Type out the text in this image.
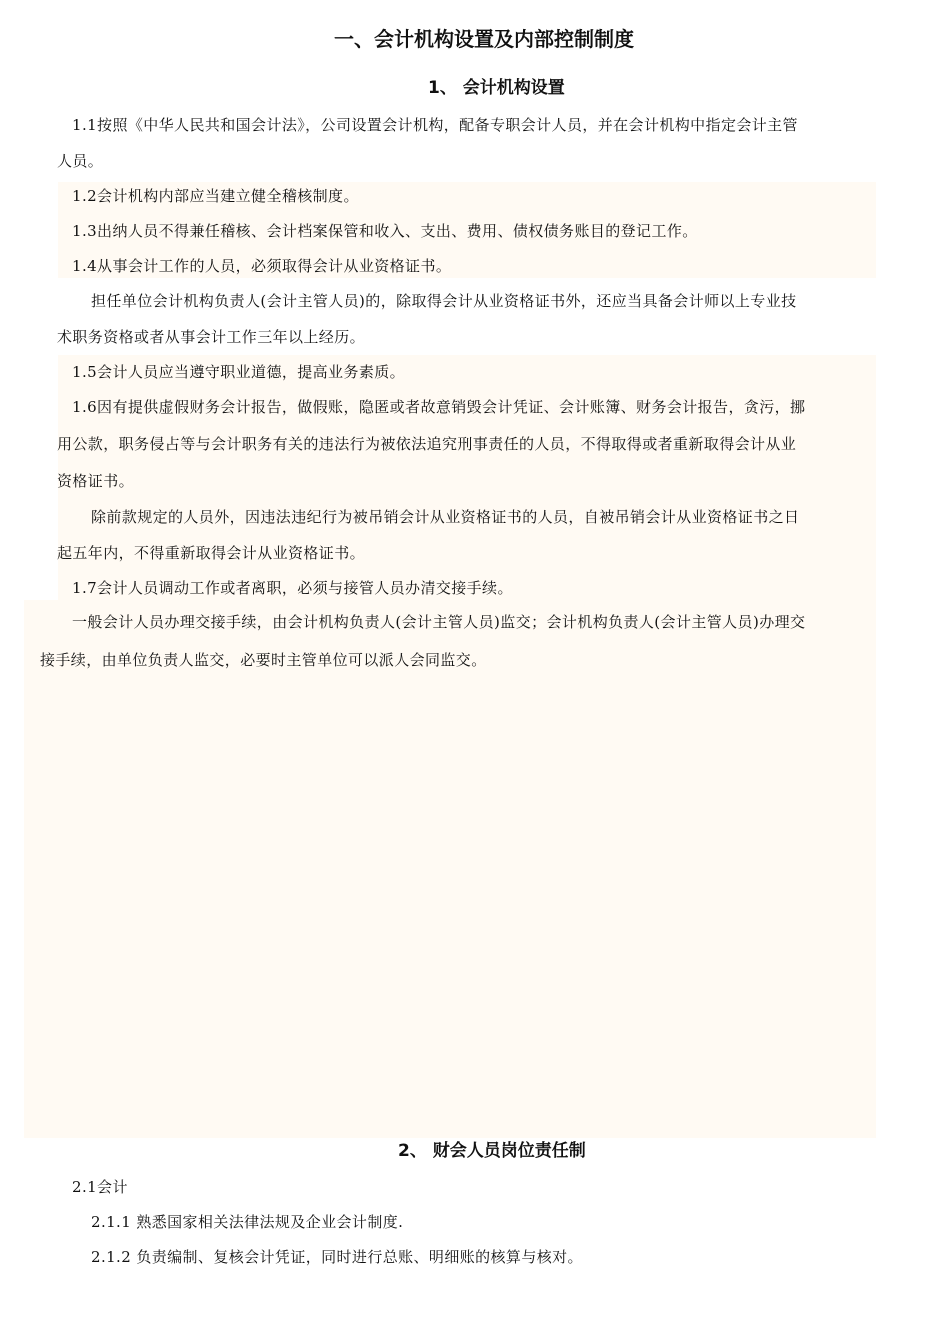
一、会计机构设置及内部控制制度
1、 会计机构设置
1.1按照《中华人民共和国会计法》，公司设置会计机构，配备专职会计人员，并在会计机构中指定会计主管
人员。
1.2会计机构内部应当建立健全稽核制度。
1.3出纳人员不得兼任稽核、会计档案保管和收入、支出、费用、债权债务账目的登记工作。
1.4从事会计工作的人员，必须取得会计从业资格证书。
担任单位会计机构负责人(会计主管人员)的，除取得会计从业资格证书外，还应当具备会计师以上专业技
术职务资格或者从事会计工作三年以上经历。
1.5会计人员应当遵守职业道德，提高业务素质。
1.6因有提供虚假财务会计报告，做假账，隐匿或者故意销毁会计凭证、会计账簿、财务会计报告，贪污，挪
用公款，职务侵占等与会计职务有关的违法行为被依法追究刑事责任的人员，不得取得或者重新取得会计从业
资格证书。
除前款规定的人员外，因违法违纪行为被吊销会计从业资格证书的人员，自被吊销会计从业资格证书之日
起五年内，不得重新取得会计从业资格证书。
1.7会计人员调动工作或者离职，必须与接管人员办清交接手续。
一般会计人员办理交接手续，由会计机构负责人(会计主管人员)监交；会计机构负责人(会计主管人员)办理交
接手续，由单位负责人监交，必要时主管单位可以派人会同监交。
2、 财会人员岗位责任制
2.1会计
2.1.1 熟悉国家相关法律法规及企业会计制度.
2.1.2 负责编制、复核会计凭证，同时进行总账、明细账的核算与核对。
